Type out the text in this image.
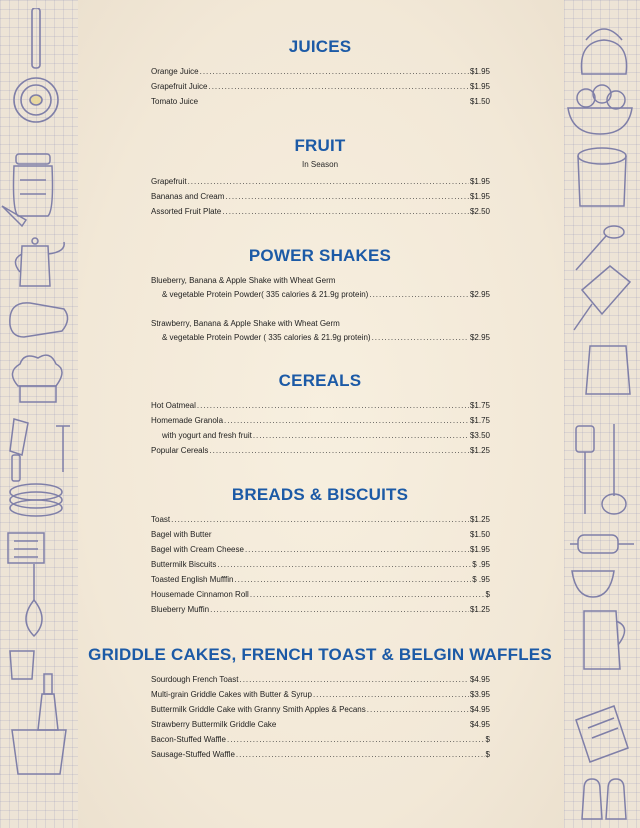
JUICES
Orange Juice .....	$1.95
Grapefruit Juice .....	$1.95
Tomato Juice	$1.50
FRUIT
In Season
Grapefruit .....	$1.95
Bananas and Cream .....	$1.95
Assorted Fruit Plate .....	$2.50
POWER SHAKES
Blueberry, Banana & Apple Shake with Wheat Germ
& vegetable Protein Powder( 335 calories & 21.9g protein) .....	$2.95
Strawberry, Banana & Apple Shake with Wheat Germ
& vegetable Protein Powder ( 335 calories & 21.9g protein) .....	$2.95
CEREALS
Hot Oatmeal .....	$1.75
Homemade Granola .....	$1.75
with yogurt and fresh fruit .....	$3.50
Popular Cereals .....	$1.25
BREADS & BISCUITS
Toast .....	$1.25
Bagel with Butter	$1.50
Bagel with Cream Cheese .....	$1.95
Buttermilk Biscuits .....	$ .95
Toasted English Mufffin .....	$ .95
Housemade Cinnamon Roll .....	$
Blueberry Muffin .....	$1.25
GRIDDLE CAKES, FRENCH TOAST & BELGIN WAFFLES
Sourdough French Toast .....	$4.95
Multi-grain Griddle Cakes with Butter & Syrup .....	$3.95
Buttermilk Griddle Cake with Granny Smith Apples & Pecans .....	$4.95
Strawberry Buttermilk Griddle Cake	$4.95
Bacon-Stuffed Waffle .....	$
Sausage-Stuffed Waffle .....	$
